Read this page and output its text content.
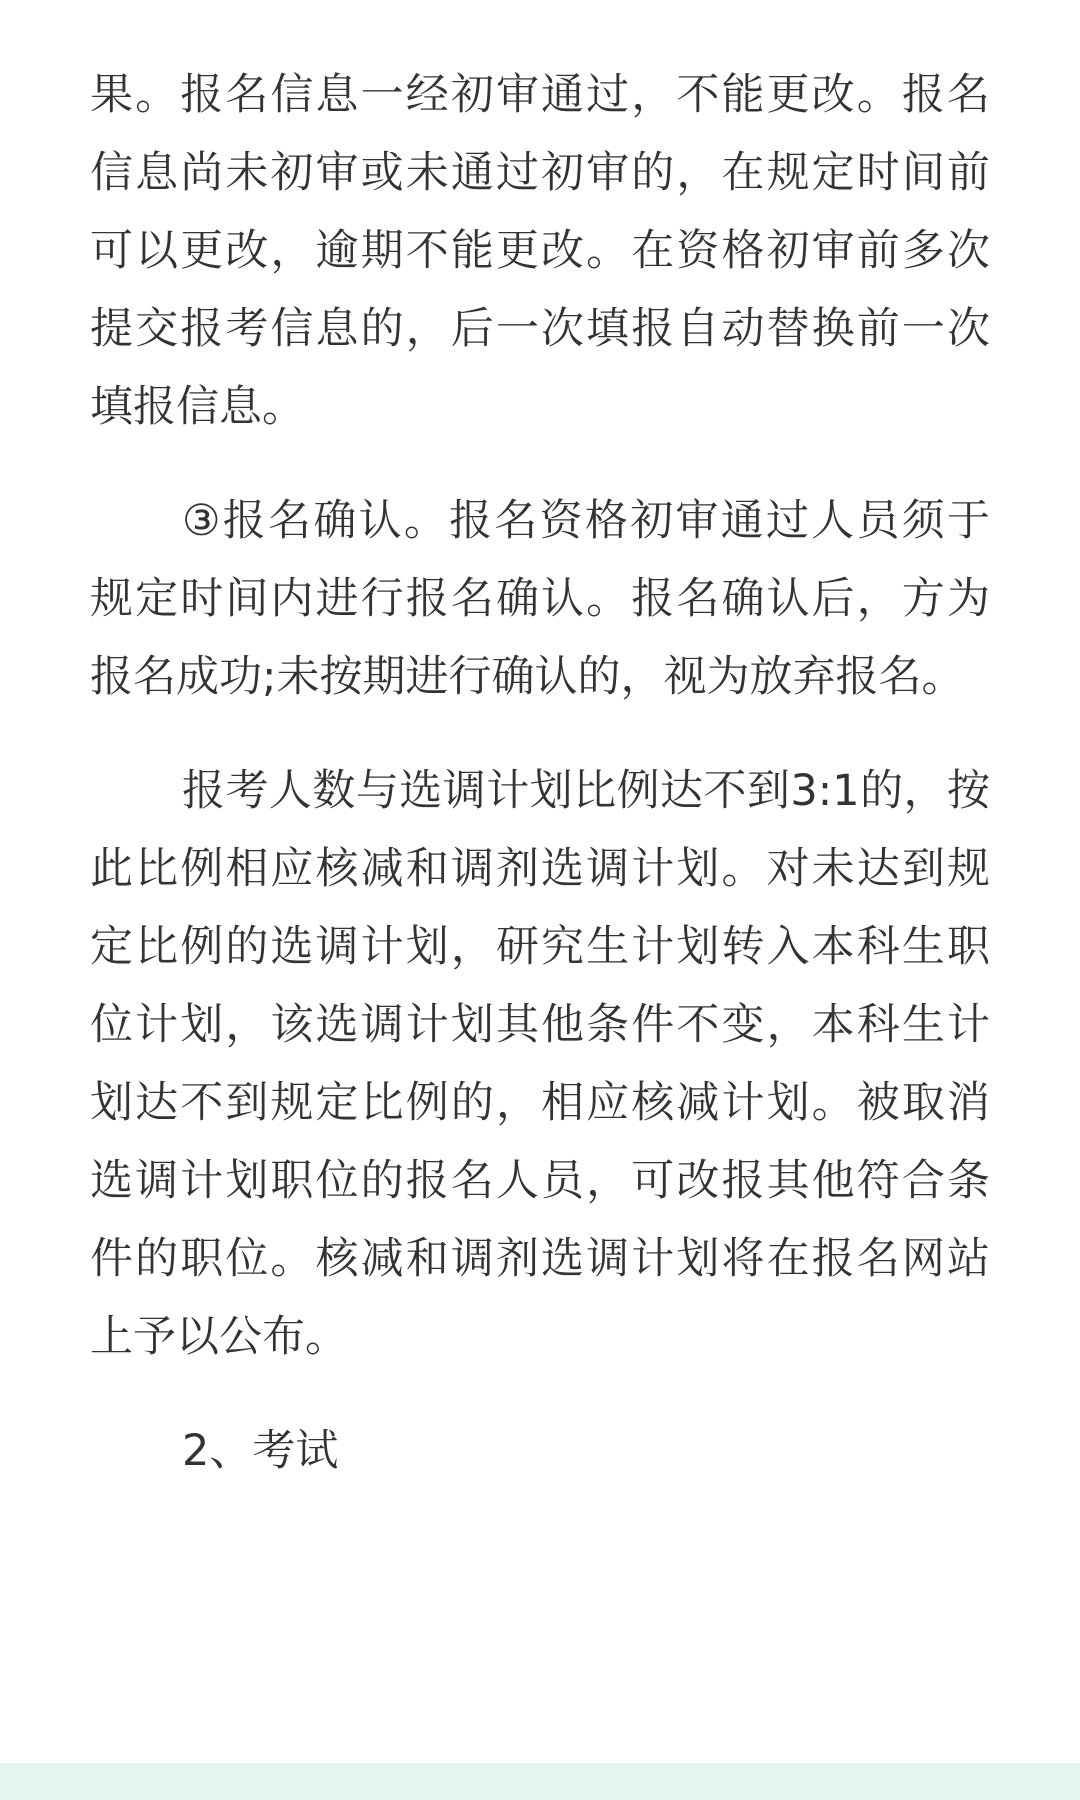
果。报名信息一经初审通过，不能更改。报名信息尚未初审或未通过初审的，在规定时间前可以更改，逾期不能更改。在资格初审前多次提交报考信息的，后一次填报自动替换前一次填报信息。

③报名确认。报名资格初审通过人员须于规定时间内进行报名确认。报名确认后，方为报名成功;未按期进行确认的，视为放弃报名。

报考人数与选调计划比例达不到3:1的，按此比例相应核减和调剂选调计划。对未达到规定比例的选调计划，研究生计划转入本科生职位计划，该选调计划其他条件不变，本科生计划达不到规定比例的，相应核减计划。被取消选调计划职位的报名人员，可改报其他符合条件的职位。核减和调剂选调计划将在报名网站上予以公布。

2、考试
